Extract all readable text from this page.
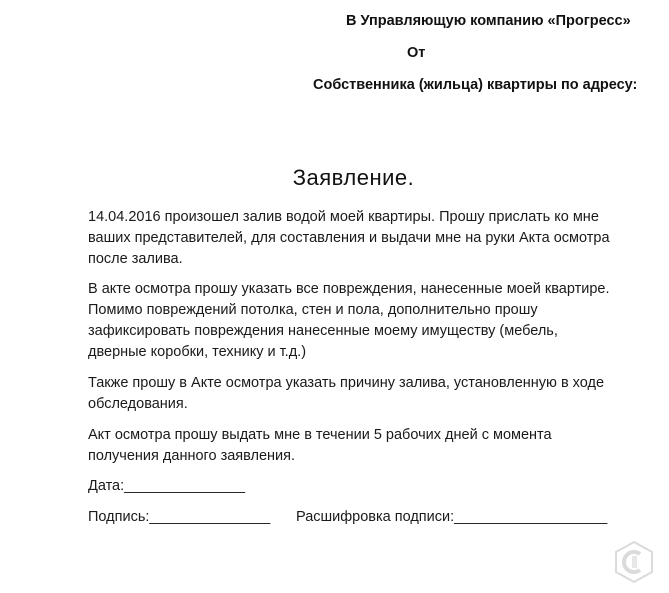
В Управляющую компанию «Прогресс»
От
Собственника (жильца) квартиры по адресу:
Заявление.
14.04.2016 произошел залив водой моей квартиры. Прошу прислать ко мне
ваших представителей, для составления и выдачи мне на руки Акта осмотра
после залива.
В акте осмотра прошу указать все повреждения, нанесенные моей квартире.
Помимо повреждений потолка, стен и пола, дополнительно прошу
зафиксировать повреждения нанесенные моему имуществу (мебель,
дверные коробки, технику и т.д.)
Также прошу в Акте осмотра указать причину залива, установленную в ходе
обследования.
Акт осмотра прошу выдать мне в течении 5 рабочих дней с момента
получения данного заявления.
Дата:_______________
Подпись:_______________ Расшифровка подписи:___________________
